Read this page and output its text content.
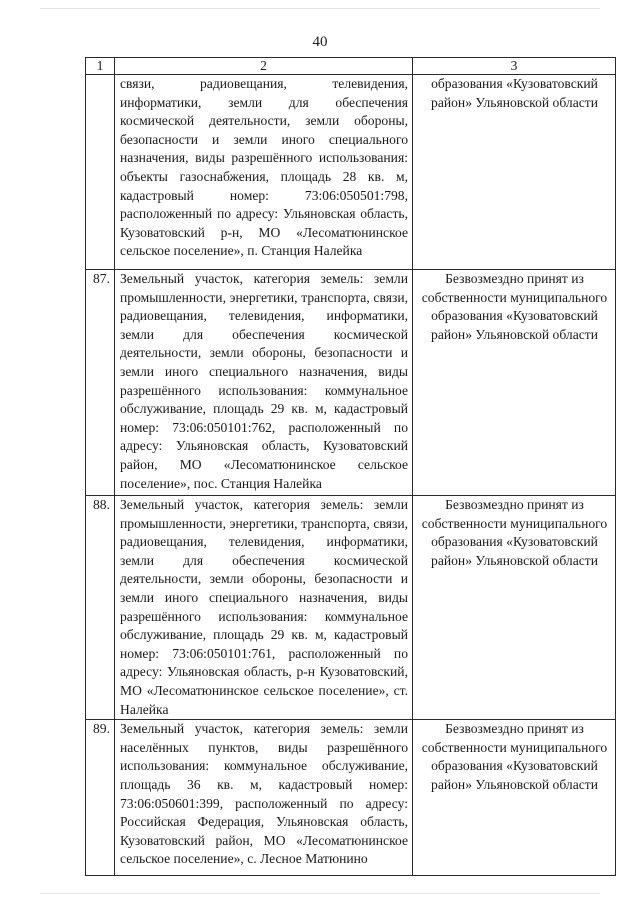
40
1	2	3
	связи, радиовещания, телевидения, информатики, земли для обеспечения космической деятельности, земли обороны, безопасности и земли иного специального назначения, виды разрешённого использования: объекты газоснабжения, площадь 28 кв. м, кадастровый номер: 73:06:050501:798, расположенный по адресу: Ульяновская область, Кузоватовский р-н, МО «Лесоматюнинское сельское поселение», п. Станция Налейка	образования «Кузоватовский район» Ульяновской области
87.	Земельный участок, категория земель: земли промышленности, энергетики, транспорта, связи, радиовещания, телевидения, информатики, земли для обеспечения космической деятельности, земли обороны, безопасности и земли иного специального назначения, виды разрешённого использования: коммунальное обслуживание, площадь 29 кв. м, кадастровый номер: 73:06:050101:762, расположенный по адресу: Ульяновская область, Кузоватовский район, МО «Лесоматюнинское сельское поселение», пос. Станция Налейка	Безвозмездно принят из собственности муниципального образования «Кузоватовский район» Ульяновской области
88.	Земельный участок, категория земель: земли промышленности, энергетики, транспорта, связи, радиовещания, телевидения, информатики, земли для обеспечения космической деятельности, земли обороны, безопасности и земли иного специального назначения, виды разрешённого использования: коммунальное обслуживание, площадь 29 кв. м, кадастровый номер: 73:06:050101:761, расположенный по адресу: Ульяновская область, р-н Кузоватовский, МО «Лесоматюнинское сельское поселение», ст. Налейка	Безвозмездно принят из собственности муниципального образования «Кузоватовский район» Ульяновской области
89.	Земельный участок, категория земель: земли населённых пунктов, виды разрешённого использования: коммунальное обслуживание, площадь 36 кв. м, кадастровый номер: 73:06:050601:399, расположенный по адресу: Российская Федерация, Ульяновская область, Кузоватовский район, МО «Лесоматюнинское сельское поселение», с. Лесное Матюнино	Безвозмездно принят из собственности муниципального образования «Кузоватовский район» Ульяновской области
